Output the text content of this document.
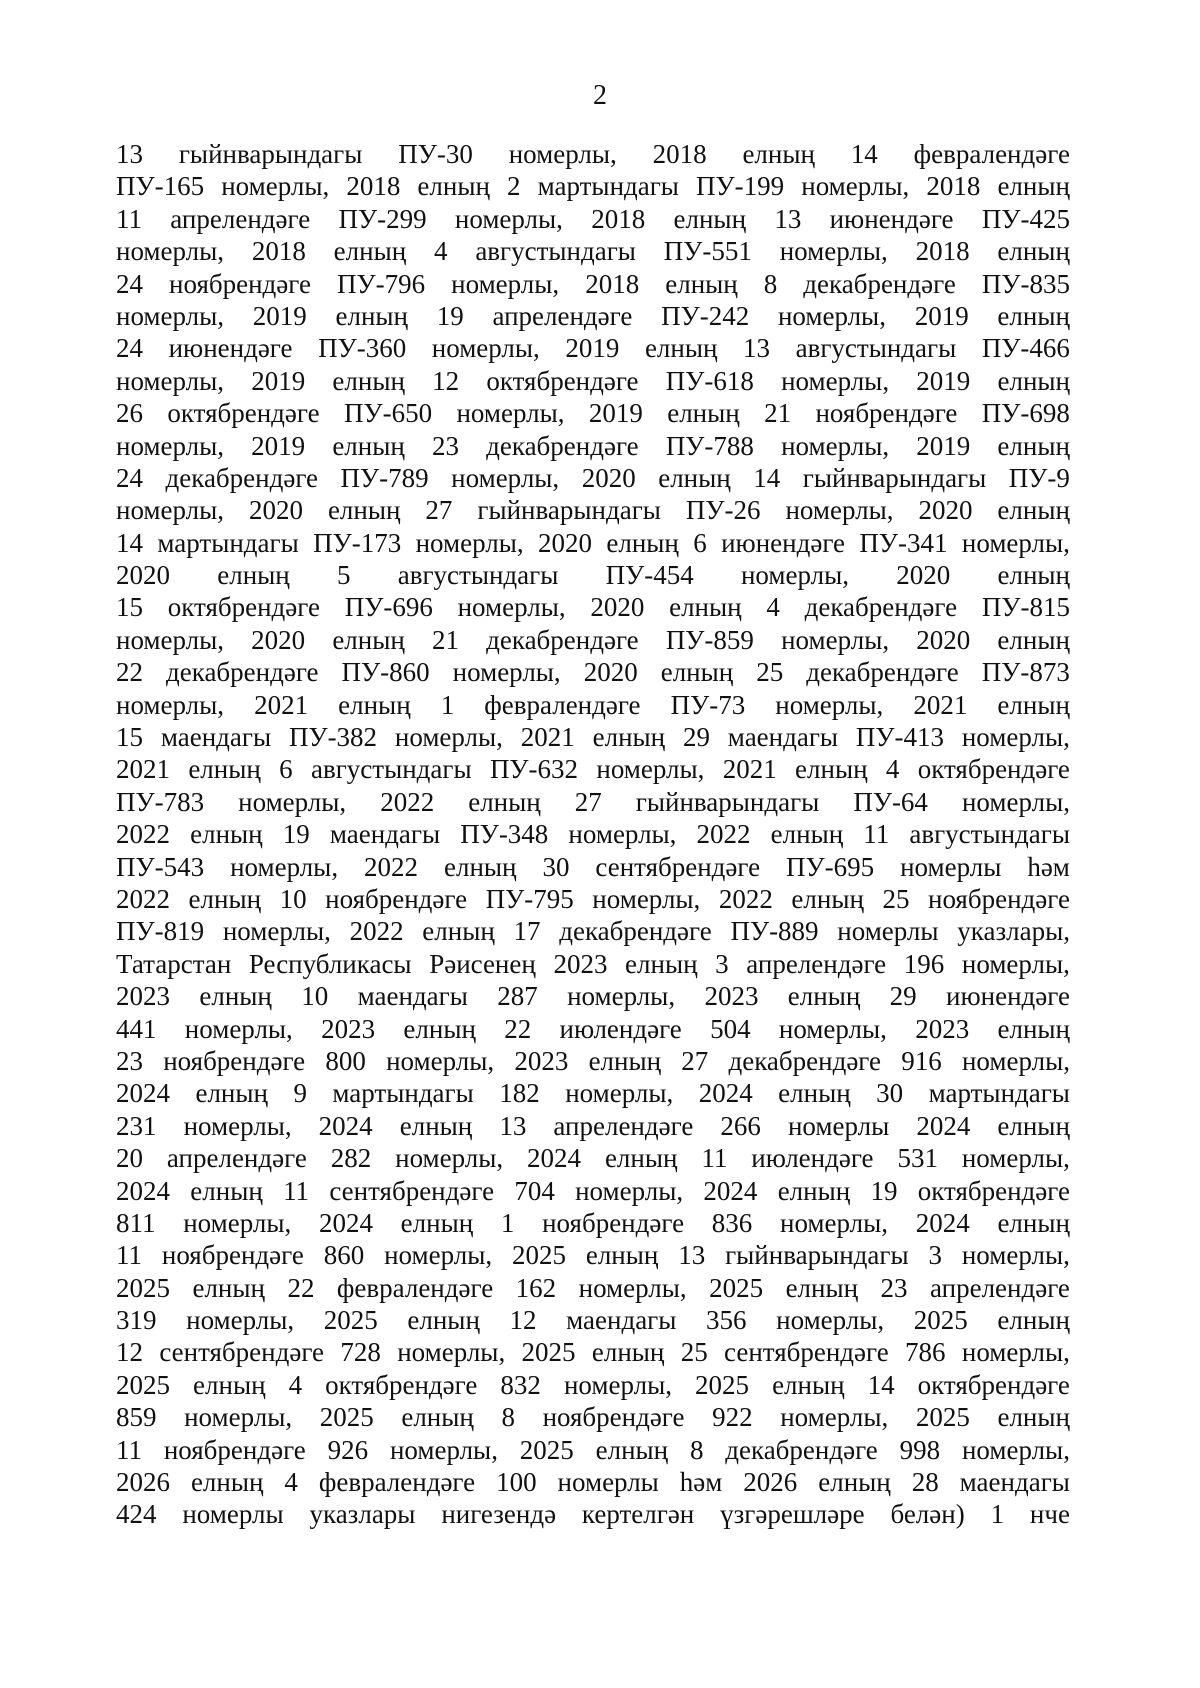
2
13 гыйнварындагы ПУ-30 номерлы, 2018 елның 14 февралендәге
ПУ-165 номерлы, 2018 елның 2 мартындагы ПУ-199 номерлы, 2018 елның
11 апрелендәге ПУ-299 номерлы, 2018 елның 13 июнендәге ПУ-425
номерлы, 2018 елның 4 августындагы ПУ-551 номерлы, 2018 елның
24 ноябрендәге ПУ-796 номерлы, 2018 елның 8 декабрендәге ПУ-835
номерлы, 2019 елның 19 апрелендәге ПУ-242 номерлы, 2019 елның
24 июнендәге ПУ-360 номерлы, 2019 елның 13 августындагы ПУ-466
номерлы, 2019 елның 12 октябрендәге ПУ-618 номерлы, 2019 елның
26 октябрендәге ПУ-650 номерлы, 2019 елның 21 ноябрендәге ПУ-698
номерлы, 2019 елның 23 декабрендәге ПУ-788 номерлы, 2019 елның
24 декабрендәге ПУ-789 номерлы, 2020 елның 14 гыйнварындагы ПУ-9
номерлы, 2020 елның 27 гыйнварындагы ПУ-26 номерлы, 2020 елның
14 мартындагы ПУ-173 номерлы, 2020 елның 6 июнендәге ПУ-341 номерлы,
2020 елның 5 августындагы ПУ-454 номерлы, 2020 елның
15 октябрендәге ПУ-696 номерлы, 2020 елның 4 декабрендәге ПУ-815
номерлы, 2020 елның 21 декабрендәге ПУ-859 номерлы, 2020 елның
22 декабрендәге ПУ-860 номерлы, 2020 елның 25 декабрендәге ПУ-873
номерлы, 2021 елның 1 февралендәге ПУ-73 номерлы, 2021 елның
15 маендагы ПУ-382 номерлы, 2021 елның 29 маендагы ПУ-413 номерлы,
2021 елның 6 августындагы ПУ-632 номерлы, 2021 елның 4 октябрендәге
ПУ-783 номерлы, 2022 елның 27 гыйнварындагы ПУ-64 номерлы,
2022 елның 19 маендагы ПУ-348 номерлы, 2022 елның 11 августындагы
ПУ-543 номерлы, 2022 елның 30 сентябрендәге ПУ-695 номерлы һәм
2022 елның 10 ноябрендәге ПУ-795 номерлы, 2022 елның 25 ноябрендәге
ПУ-819 номерлы, 2022 елның 17 декабрендәге ПУ-889 номерлы указлары,
Татарстан Республикасы Рәисенең 2023 елның 3 апрелендәге 196 номерлы,
2023 елның 10 маендагы 287 номерлы, 2023 елның 29 июнендәге
441 номерлы, 2023 елның 22 июлендәге 504 номерлы, 2023 елның
23 ноябрендәге 800 номерлы, 2023 елның 27 декабрендәге 916 номерлы,
2024 елның 9 мартындагы 182 номерлы, 2024 елның 30 мартындагы
231 номерлы, 2024 елның 13 апрелендәге 266 номерлы 2024 елның
20 апрелендәге 282 номерлы, 2024 елның 11 июлендәге 531 номерлы,
2024 елның 11 сентябрендәге 704 номерлы, 2024 елның 19 октябрендәге
811 номерлы, 2024 елның 1 ноябрендәге 836 номерлы, 2024 елның
11 ноябрендәге 860 номерлы, 2025 елның 13 гыйнварындагы 3 номерлы,
2025 елның 22 февралендәге 162 номерлы, 2025 елның 23 апрелендәге
319 номерлы, 2025 елның 12 маендагы 356 номерлы, 2025 елның
12 сентябрендәге 728 номерлы, 2025 елның 25 сентябрендәге 786 номерлы,
2025 елның 4 октябрендәге 832 номерлы, 2025 елның 14 октябрендәге
859 номерлы, 2025 елның 8 ноябрендәге 922 номерлы, 2025 елның
11 ноябрендәге 926 номерлы, 2025 елның 8 декабрендәге 998 номерлы,
2026 елның 4 февралендәге 100 номерлы һәм 2026 елның 28 маендагы
424 номерлы указлары нигезендә кертелгән үзгәрешләре белән) 1 нче
